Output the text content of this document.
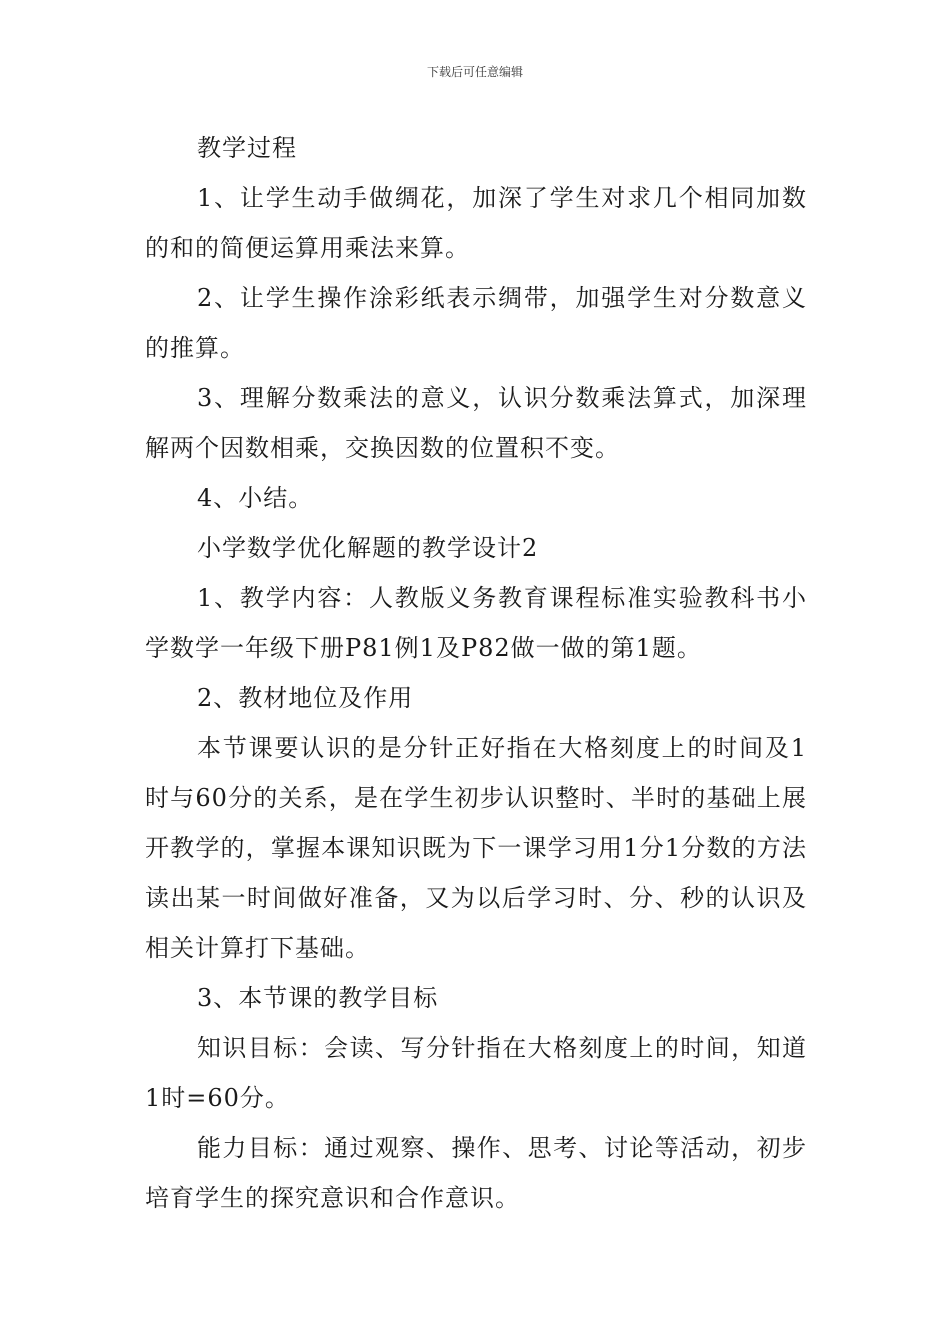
下载后可任意编辑

教学过程

1、让学生动手做绸花，加深了学生对求几个相同加数的和的简便运算用乘法来算。

2、让学生操作涂彩纸表示绸带，加强学生对分数意义的推算。

3、理解分数乘法的意义，认识分数乘法算式，加深理解两个因数相乘，交换因数的位置积不变。

4、小结。

小学数学优化解题的教学设计2

1、教学内容：人教版义务教育课程标准实验教科书小学数学一年级下册P81例1及P82做一做的第1题。

2、教材地位及作用

本节课要认识的是分针正好指在大格刻度上的时间及1时与60分的关系，是在学生初步认识整时、半时的基础上展开教学的，掌握本课知识既为下一课学习用1分1分数的方法读出某一时间做好准备，又为以后学习时、分、秒的认识及相关计算打下基础。

3、本节课的教学目标

知识目标：会读、写分针指在大格刻度上的时间，知道1时=60分。

能力目标：通过观察、操作、思考、讨论等活动，初步培育学生的探究意识和合作意识。
